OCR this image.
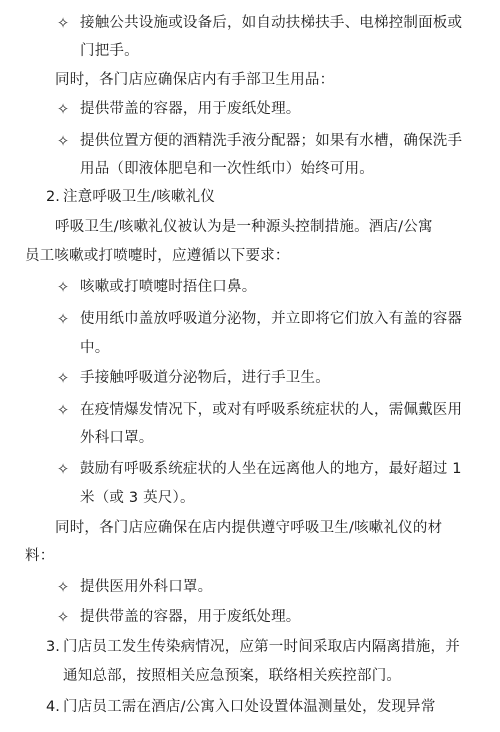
✧ 接触公共设施或设备后，如自动扶梯扶手、电梯控制面板或
门把手。
同时，各门店应确保店内有手部卫生用品：
✧ 提供带盖的容器，用于废纸处理。
✧ 提供位置方便的酒精洗手液分配器；如果有水槽，确保洗手
用品（即液体肥皂和一次性纸巾）始终可用。
2. 注意呼吸卫生/咳嗽礼仪
呼吸卫生/咳嗽礼仪被认为是一种源头控制措施。酒店/公寓
员工咳嗽或打喷嚏时，应遵循以下要求：
✧ 咳嗽或打喷嚏时捂住口鼻。
✧ 使用纸巾盖放呼吸道分泌物，并立即将它们放入有盖的容器
中。
✧ 手接触呼吸道分泌物后，进行手卫生。
✧ 在疫情爆发情况下，或对有呼吸系统症状的人，需佩戴医用
外科口罩。
✧ 鼓励有呼吸系统症状的人坐在远离他人的地方，最好超过 1
米（或 3 英尺）。
同时，各门店应确保在店内提供遵守呼吸卫生/咳嗽礼仪的材
料：
✧ 提供医用外科口罩。
✧ 提供带盖的容器，用于废纸处理。
3. 门店员工发生传染病情况，应第一时间采取店内隔离措施，并
通知总部，按照相关应急预案，联络相关疾控部门。
4. 门店员工需在酒店/公寓入口处设置体温测量处，发现异常
